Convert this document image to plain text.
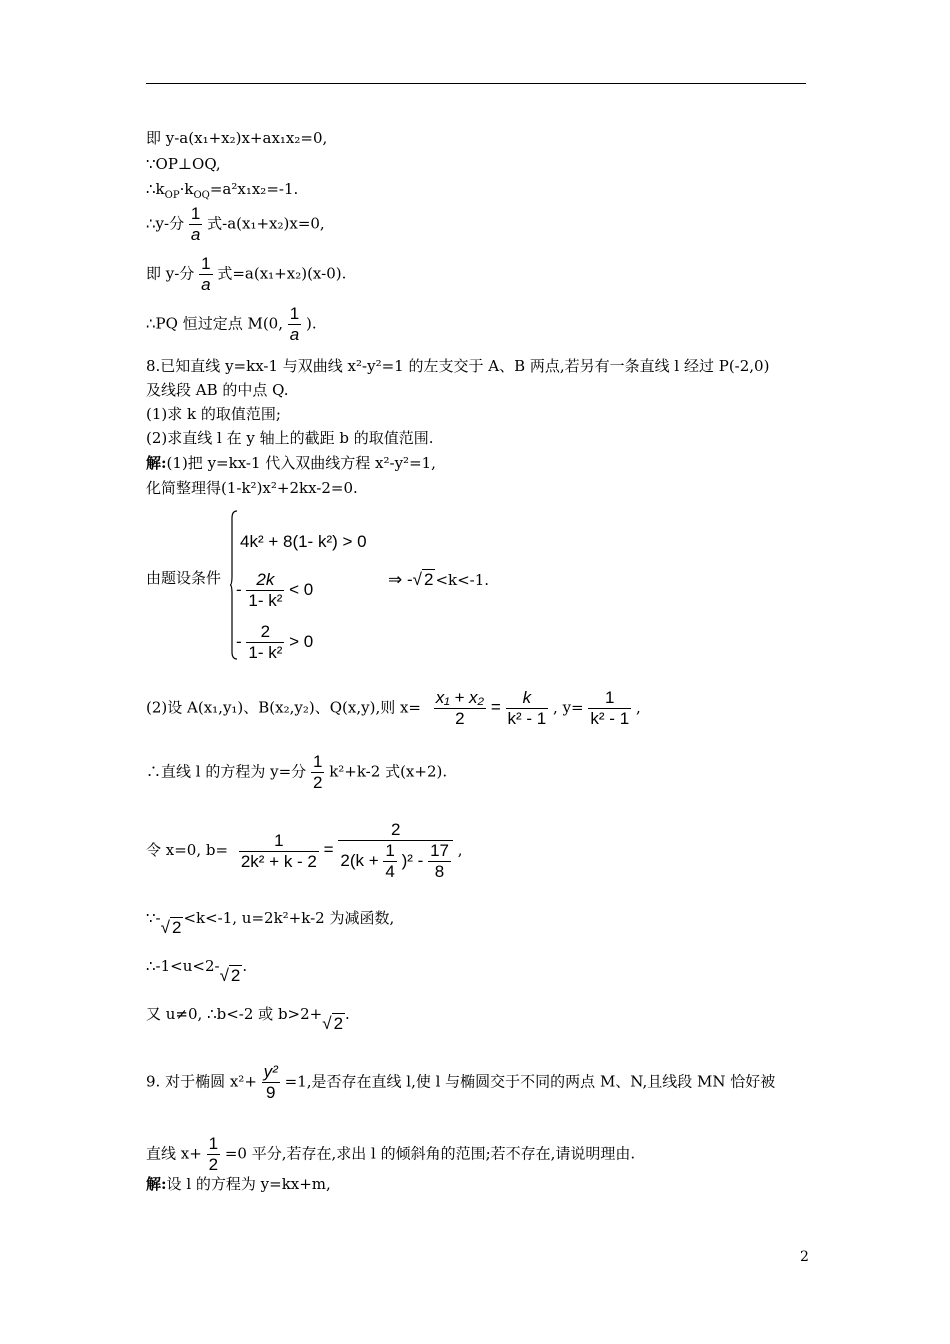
即 y-a(x₁+x₂)x+ax₁x₂=0,
∵OP⊥OQ,
$\therefore k_{OP}\cdot k_{OQ}=a^2x_1x_2=-1$.
∴y-分 $\frac{1}{a}$ 式-a(x₁+x₂)x=0,
即 y-分 $\frac{1}{a}$ 式=a(x₁+x₂)(x-0).
∴PQ 恒过定点 M(0, $\frac{1}{a}$ ).
8.已知直线 y=kx-1 与双曲线 x²-y²=1 的左支交于 A、B 两点,若另有一条直线 l 经过 P(-2,0)
及线段 AB 的中点 Q.
(1)求 k 的取值范围;
(2)求直线 l 在 y 轴上的截距 b 的取值范围.
解:(1)把 y=kx-1 代入双曲线方程 x²-y²=1,
化简整理得(1-k²)x²+2kx-2=0.
由题设条件
4k² + 8(1- k²) > 0
- $\frac{2k}{\text{1- k²}} < 0$
- $\frac{2}{\text{1- k²}} > 0$
⇒ -√ 2 <k<-1.
(2)设 A(x₁,y₁)、B(x₂,y₂)、Q(x,y),则 $x= \frac{\text{x₁ + x₂}}{2} = \frac{k}{\text{k² - 1}}$ , $y= \frac{1}{\text{k² - 1}}$ ,
∴直线 l 的方程为 y=分 $\frac{1}{2} k^2+k-2$ 式(x+2).
令 x=0, $b= \frac{1}{\text{2k² + k - 2}} = \frac{2}{2(k + \frac{1}{4} )^2 - \frac{17}{8}}$ ,
∵-√ 2 <k<-1, u=2k²+k-2 为减函数,
∴-1<u<2-√ 2 .
又 u≠0, ∴b<-2 或 b>2+√ 2 .
9. 对于椭圆 $x^2+ \frac{\text{y²}}{9} =1$,是否存在直线 l,使 l 与椭圆交于不同的两点 M、N,且线段 MN 恰好被
直线 $x+ \frac{1}{2} =0$ 平分,若存在,求出 l 的倾斜角的范围;若不存在,请说明理由.
解:设 l 的方程为 y=kx+m,
2
